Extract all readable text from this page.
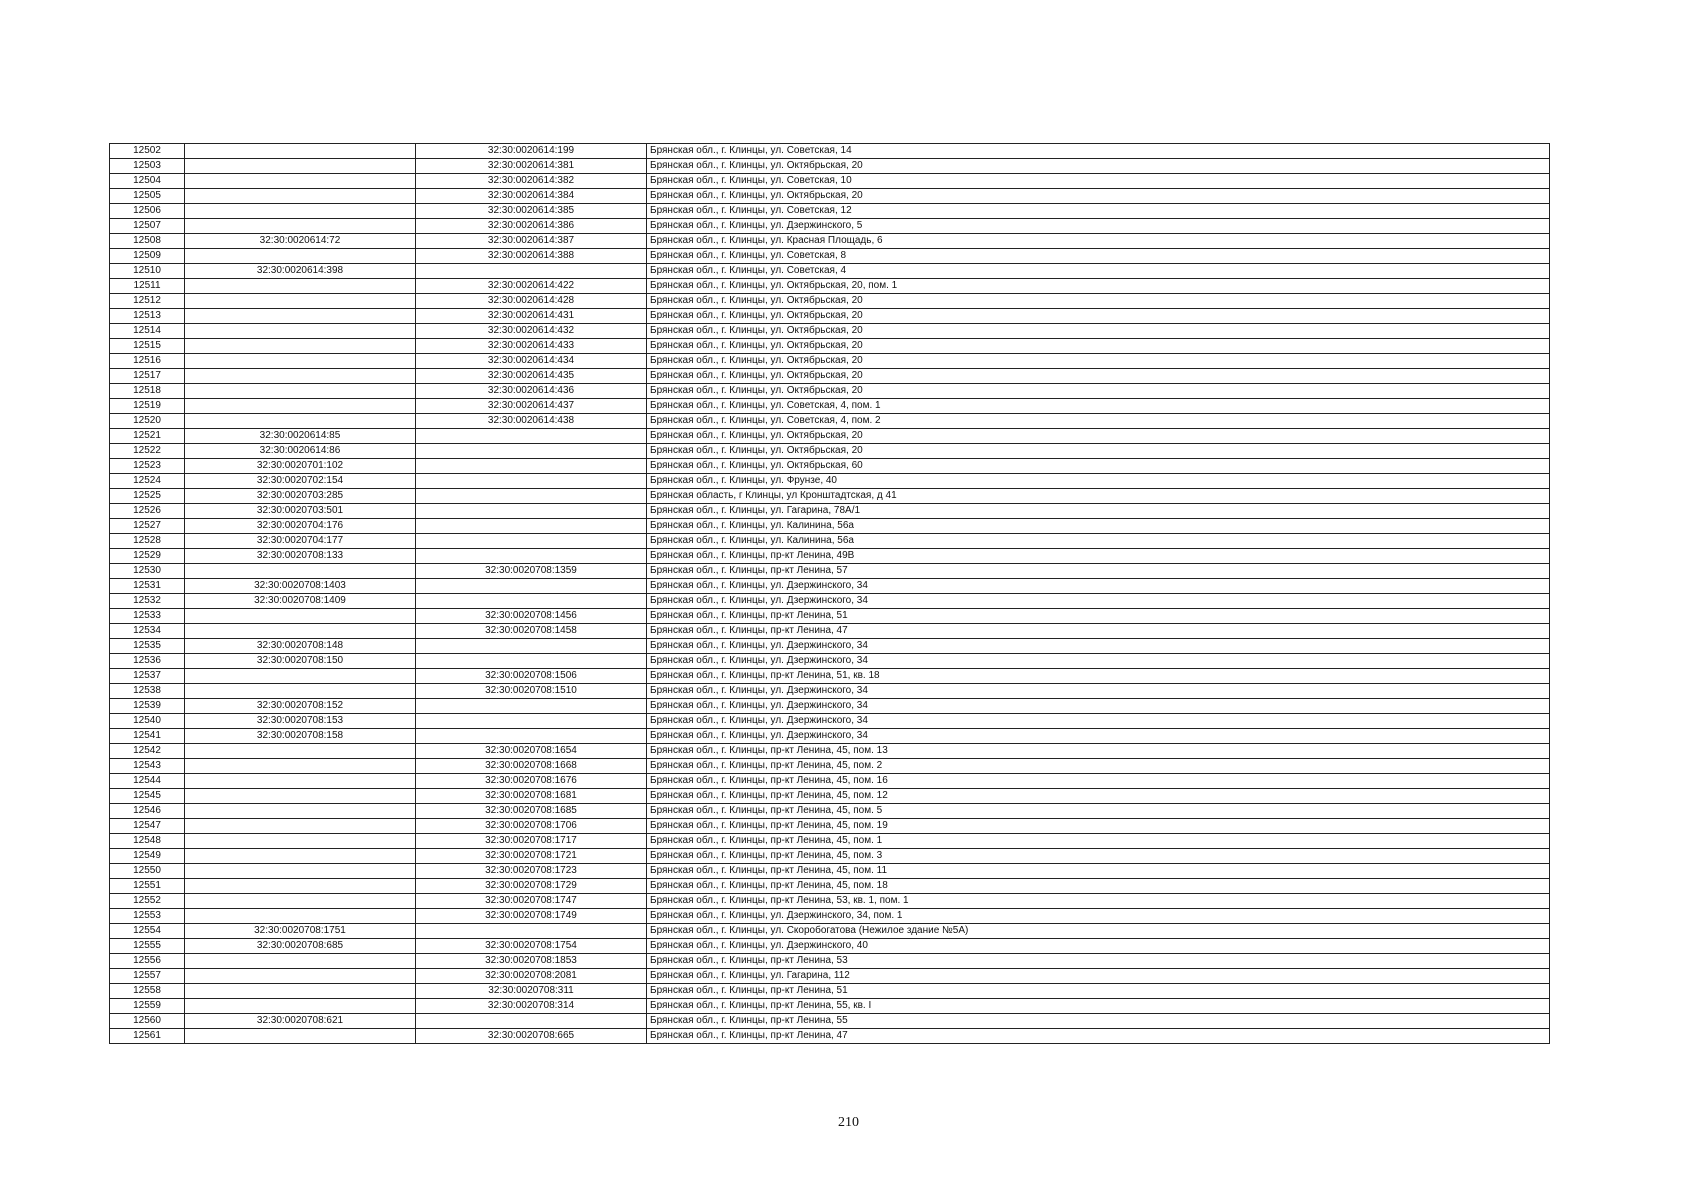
12502		32:30:0020614:199	Брянская обл., г. Клинцы, ул. Советская, 14
12503		32:30:0020614:381	Брянская обл., г. Клинцы, ул. Октябрьская, 20
12504		32:30:0020614:382	Брянская обл., г. Клинцы, ул. Советская, 10
12505		32:30:0020614:384	Брянская обл., г. Клинцы, ул. Октябрьская, 20
12506		32:30:0020614:385	Брянская обл., г. Клинцы, ул. Советская, 12
12507		32:30:0020614:386	Брянская обл., г. Клинцы, ул. Дзержинского, 5
12508	32:30:0020614:72	32:30:0020614:387	Брянская обл., г. Клинцы, ул. Красная Площадь, 6
12509		32:30:0020614:388	Брянская обл., г. Клинцы, ул. Советская, 8
12510	32:30:0020614:398		Брянская обл., г. Клинцы, ул. Советская, 4
12511		32:30:0020614:422	Брянская обл., г. Клинцы, ул. Октябрьская, 20, пом. 1
12512		32:30:0020614:428	Брянская обл., г. Клинцы, ул. Октябрьская, 20
12513		32:30:0020614:431	Брянская обл., г. Клинцы, ул. Октябрьская, 20
12514		32:30:0020614:432	Брянская обл., г. Клинцы, ул. Октябрьская, 20
12515		32:30:0020614:433	Брянская обл., г. Клинцы, ул. Октябрьская, 20
12516		32:30:0020614:434	Брянская обл., г. Клинцы, ул. Октябрьская, 20
12517		32:30:0020614:435	Брянская обл., г. Клинцы, ул. Октябрьская, 20
12518		32:30:0020614:436	Брянская обл., г. Клинцы, ул. Октябрьская, 20
12519		32:30:0020614:437	Брянская обл., г. Клинцы, ул. Советская, 4, пом. 1
12520		32:30:0020614:438	Брянская обл., г. Клинцы, ул. Советская, 4, пом. 2
12521	32:30:0020614:85		Брянская обл., г. Клинцы, ул. Октябрьская, 20
12522	32:30:0020614:86		Брянская обл., г. Клинцы, ул. Октябрьская, 20
12523	32:30:0020701:102		Брянская обл., г. Клинцы, ул. Октябрьская, 60
12524	32:30:0020702:154		Брянская обл., г. Клинцы, ул. Фрунзе, 40
12525	32:30:0020703:285		Брянская область, г Клинцы, ул Кронштадтская, д 41
12526	32:30:0020703:501		Брянская обл., г. Клинцы, ул. Гагарина, 78А/1
12527	32:30:0020704:176		Брянская обл., г. Клинцы, ул. Калинина, 56а
12528	32:30:0020704:177		Брянская обл., г. Клинцы, ул. Калинина, 56а
12529	32:30:0020708:133		Брянская обл., г. Клинцы, пр-кт Ленина, 49В
12530		32:30:0020708:1359	Брянская обл., г. Клинцы, пр-кт Ленина, 57
12531	32:30:0020708:1403		Брянская обл., г. Клинцы, ул. Дзержинского, 34
12532	32:30:0020708:1409		Брянская обл., г. Клинцы, ул. Дзержинского, 34
12533		32:30:0020708:1456	Брянская обл., г. Клинцы, пр-кт Ленина, 51
12534		32:30:0020708:1458	Брянская обл., г. Клинцы, пр-кт Ленина, 47
12535	32:30:0020708:148		Брянская обл., г. Клинцы, ул. Дзержинского, 34
12536	32:30:0020708:150		Брянская обл., г. Клинцы, ул. Дзержинского, 34
12537		32:30:0020708:1506	Брянская обл., г. Клинцы, пр-кт Ленина, 51, кв. 18
12538		32:30:0020708:1510	Брянская обл., г. Клинцы, ул. Дзержинского, 34
12539	32:30:0020708:152		Брянская обл., г. Клинцы, ул. Дзержинского, 34
12540	32:30:0020708:153		Брянская обл., г. Клинцы, ул. Дзержинского, 34
12541	32:30:0020708:158		Брянская обл., г. Клинцы, ул. Дзержинского, 34
12542		32:30:0020708:1654	Брянская обл., г. Клинцы, пр-кт Ленина, 45, пом. 13
12543		32:30:0020708:1668	Брянская обл., г. Клинцы, пр-кт Ленина, 45, пом. 2
12544		32:30:0020708:1676	Брянская обл., г. Клинцы, пр-кт Ленина, 45, пом. 16
12545		32:30:0020708:1681	Брянская обл., г. Клинцы, пр-кт Ленина, 45, пом. 12
12546		32:30:0020708:1685	Брянская обл., г. Клинцы, пр-кт Ленина, 45, пом. 5
12547		32:30:0020708:1706	Брянская обл., г. Клинцы, пр-кт Ленина, 45, пом. 19
12548		32:30:0020708:1717	Брянская обл., г. Клинцы, пр-кт Ленина, 45, пом. 1
12549		32:30:0020708:1721	Брянская обл., г. Клинцы, пр-кт Ленина, 45, пом. 3
12550		32:30:0020708:1723	Брянская обл., г. Клинцы, пр-кт Ленина, 45, пом. 11
12551		32:30:0020708:1729	Брянская обл., г. Клинцы, пр-кт Ленина, 45, пом. 18
12552		32:30:0020708:1747	Брянская обл., г. Клинцы, пр-кт Ленина, 53, кв. 1, пом. 1
12553		32:30:0020708:1749	Брянская обл., г. Клинцы, ул. Дзержинского, 34, пом. 1
12554	32:30:0020708:1751		Брянская обл., г. Клинцы, ул. Скоробогатова (Нежилое здание №5А)
12555	32:30:0020708:685	32:30:0020708:1754	Брянская обл., г. Клинцы, ул. Дзержинского, 40
12556		32:30:0020708:1853	Брянская обл., г. Клинцы, пр-кт Ленина, 53
12557		32:30:0020708:2081	Брянская обл., г. Клинцы, ул. Гагарина, 112
12558		32:30:0020708:311	Брянская обл., г. Клинцы, пр-кт Ленина, 51
12559		32:30:0020708:314	Брянская обл., г. Клинцы, пр-кт Ленина, 55, кв. I
12560	32:30:0020708:621		Брянская обл., г. Клинцы, пр-кт Ленина, 55
12561		32:30:0020708:665	Брянская обл., г. Клинцы, пр-кт Ленина, 47
210
